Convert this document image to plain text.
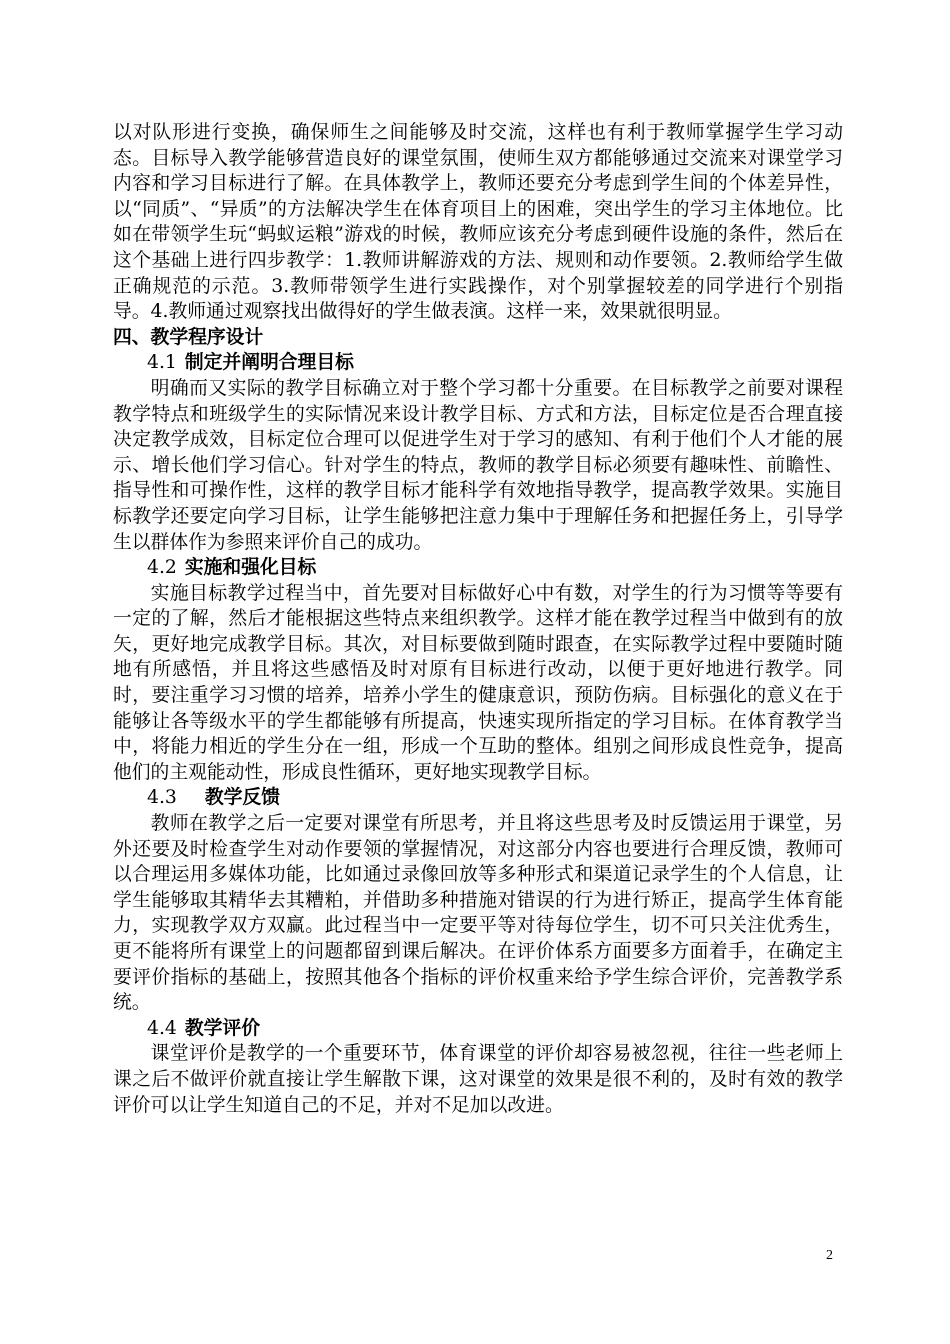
以对队形进行变换，确保师生之间能够及时交流，这样也有利于教师掌握学生学习动态。目标导入教学能够营造良好的课堂氛围，使师生双方都能够通过交流来对课堂学习内容和学习目标进行了解。在具体教学上，教师还要充分考虑到学生间的个体差异性，以“同质”、“异质”的方法解决学生在体育项目上的困难，突出学生的学习主体地位。比如在带领学生玩“蚂蚁运粮”游戏的时候，教师应该充分考虑到硬件设施的条件，然后在这个基础上进行四步教学：1.教师讲解游戏的方法、规则和动作要领。2.教师给学生做正确规范的示范。3.教师带领学生进行实践操作，对个别掌握较差的同学进行个别指导。4.教师通过观察找出做得好的学生做表演。这样一来，效果就很明显。

四、教学程序设计

4.1 制定并阐明合理目标

明确而又实际的教学目标确立对于整个学习都十分重要。在目标教学之前要对课程教学特点和班级学生的实际情况来设计教学目标、方式和方法，目标定位是否合理直接决定教学成效，目标定位合理可以促进学生对于学习的感知、有利于他们个人才能的展示、增长他们学习信心。针对学生的特点，教师的教学目标必须要有趣味性、前瞻性、指导性和可操作性，这样的教学目标才能科学有效地指导教学，提高教学效果。实施目标教学还要定向学习目标，让学生能够把注意力集中于理解任务和把握任务上，引导学生以群体作为参照来评价自己的成功。

4.2 实施和强化目标

实施目标教学过程当中，首先要对目标做好心中有数，对学生的行为习惯等等要有一定的了解，然后才能根据这些特点来组织教学。这样才能在教学过程当中做到有的放矢，更好地完成教学目标。其次，对目标要做到随时跟查，在实际教学过程中要随时随地有所感悟，并且将这些感悟及时对原有目标进行改动，以便于更好地进行教学。同时，要注重学习习惯的培养，培养小学生的健康意识，预防伤病。目标强化的意义在于能够让各等级水平的学生都能够有所提高，快速实现所指定的学习目标。在体育教学当中，将能力相近的学生分在一组，形成一个互助的整体。组别之间形成良性竞争，提高他们的主观能动性，形成良性循环，更好地实现教学目标。

4.3 教学反馈

教师在教学之后一定要对课堂有所思考，并且将这些思考及时反馈运用于课堂，另外还要及时检查学生对动作要领的掌握情况，对这部分内容也要进行合理反馈，教师可以合理运用多媒体功能，比如通过录像回放等多种形式和渠道记录学生的个人信息，让学生能够取其精华去其糟粕，并借助多种措施对错误的行为进行矫正，提高学生体育能力，实现教学双方双赢。此过程当中一定要平等对待每位学生，切不可只关注优秀生，更不能将所有课堂上的问题都留到课后解决。在评价体系方面要多方面着手，在确定主要评价指标的基础上，按照其他各个指标的评价权重来给予学生综合评价，完善教学系统。

4.4 教学评价

课堂评价是教学的一个重要环节，体育课堂的评价却容易被忽视，往往一些老师上课之后不做评价就直接让学生解散下课，这对课堂的效果是很不利的，及时有效的教学评价可以让学生知道自己的不足，并对不足加以改进。

2
